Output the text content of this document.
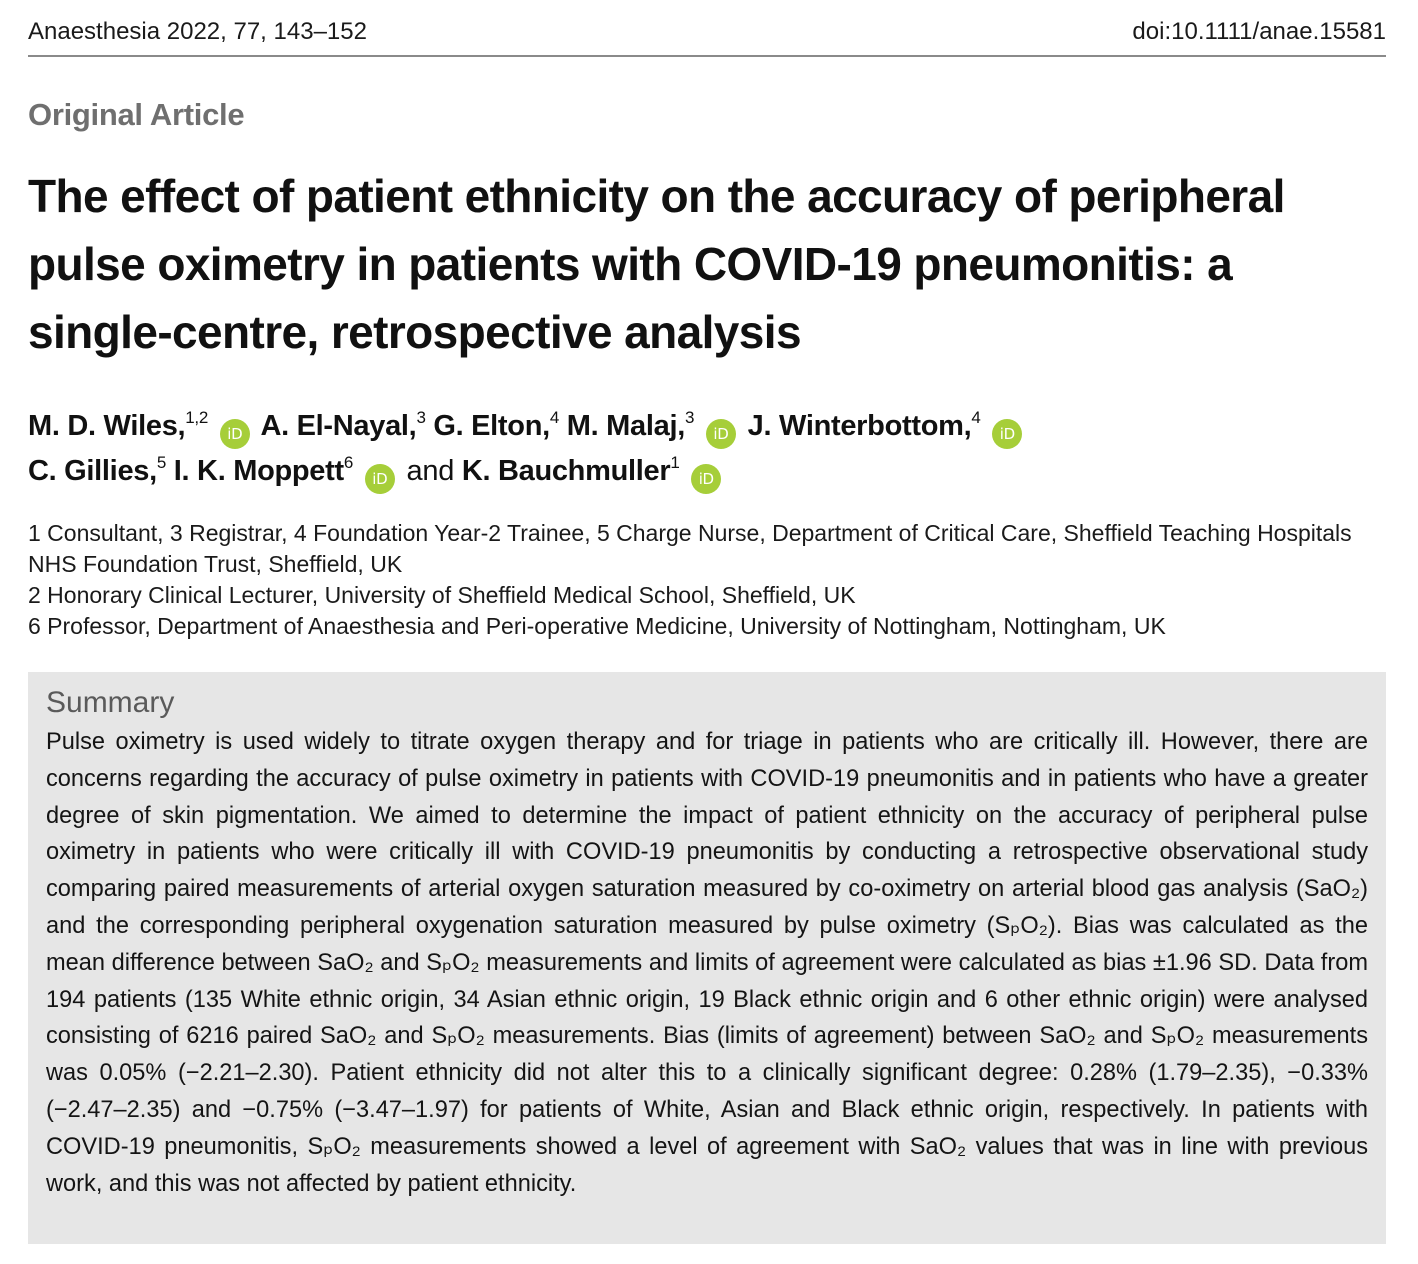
Anaesthesia 2022, 77, 143–152	doi:10.1111/anae.15581
Original Article
The effect of patient ethnicity on the accuracy of peripheral pulse oximetry in patients with COVID-19 pneumonitis: a single-centre, retrospective analysis
M. D. Wiles,$^{1,2}$ iD A. El-Nayal,$^3$ G. Elton,$^4$ M. Malaj,$^3$ iD J. Winterbottom,$^4$ iD
C. Gillies,$^5$ I. K. Moppett$^6$ iD and K. Bauchmuller$^1$ iD
1 Consultant, 3 Registrar, 4 Foundation Year-2 Trainee, 5 Charge Nurse, Department of Critical Care, Sheffield Teaching Hospitals NHS Foundation Trust, Sheffield, UK
2 Honorary Clinical Lecturer, University of Sheffield Medical School, Sheffield, UK
6 Professor, Department of Anaesthesia and Peri-operative Medicine, University of Nottingham, Nottingham, UK
Summary
Pulse oximetry is used widely to titrate oxygen therapy and for triage in patients who are critically ill. However, there are concerns regarding the accuracy of pulse oximetry in patients with COVID-19 pneumonitis and in patients who have a greater degree of skin pigmentation. We aimed to determine the impact of patient ethnicity on the accuracy of peripheral pulse oximetry in patients who were critically ill with COVID-19 pneumonitis by conducting a retrospective observational study comparing paired measurements of arterial oxygen saturation measured by co-oximetry on arterial blood gas analysis (SaO₂) and the corresponding peripheral oxygenation saturation measured by pulse oximetry (SₚO₂). Bias was calculated as the mean difference between SaO₂ and SₚO₂ measurements and limits of agreement were calculated as bias ±1.96 SD. Data from 194 patients (135 White ethnic origin, 34 Asian ethnic origin, 19 Black ethnic origin and 6 other ethnic origin) were analysed consisting of 6216 paired SaO₂ and SₚO₂ measurements. Bias (limits of agreement) between SaO₂ and SₚO₂ measurements was 0.05% (−2.21–2.30). Patient ethnicity did not alter this to a clinically significant degree: 0.28% (1.79–2.35), −0.33% (−2.47–2.35) and −0.75% (−3.47–1.97) for patients of White, Asian and Black ethnic origin, respectively. In patients with COVID-19 pneumonitis, SₚO₂ measurements showed a level of agreement with SaO₂ values that was in line with previous work, and this was not affected by patient ethnicity.
